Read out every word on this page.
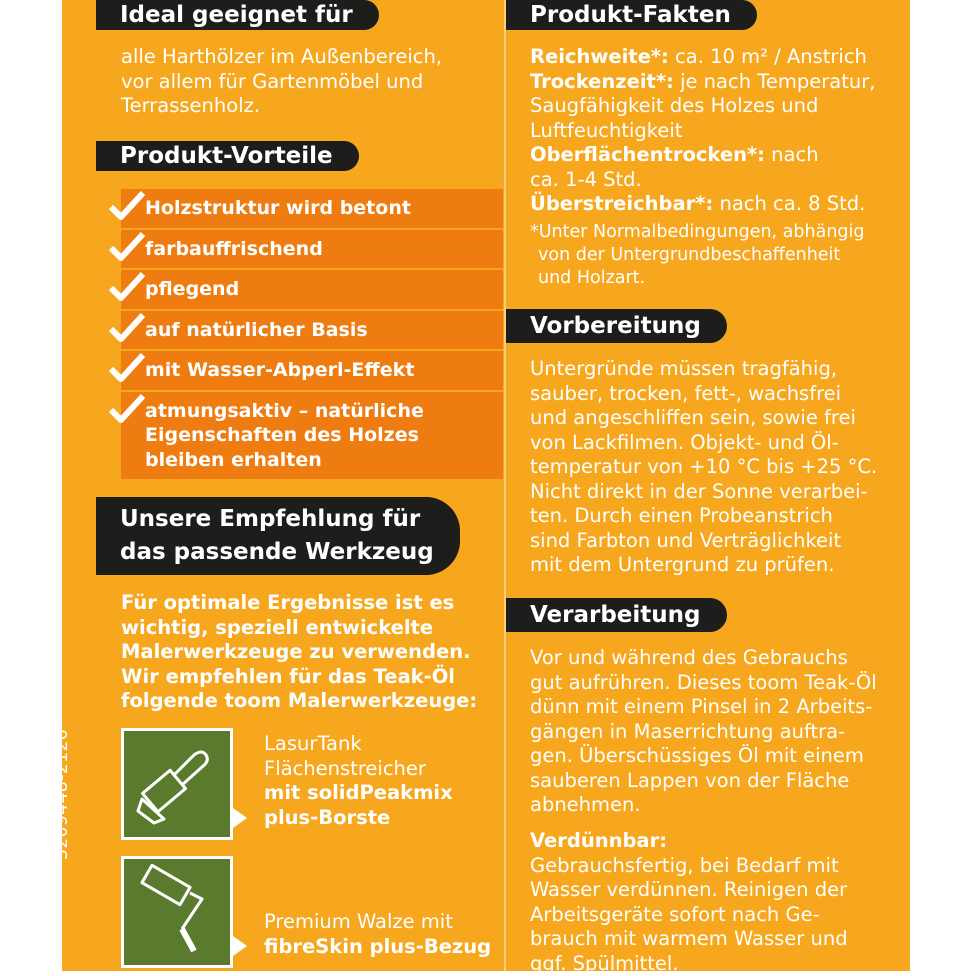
Ideal geeignet für
alle Harthölzer im Außenbereich,
vor allem für Gartenmöbel und
Terrassenholz.
Produkt-Vorteile
Holzstruktur wird betont
farbauffrischend
pflegend
auf natürlicher Basis
mit Wasser-Abperl-Effekt
atmungsaktiv – natürliche
Eigenschaften des Holzes
bleiben erhalten
Unsere Empfehlung für
das passende Werkzeug
Für optimale Ergebnisse ist es
wichtig, speziell entwickelte
Malerwerkzeuge zu verwenden.
Wir empfehlen für das Teak-Öl
folgende toom Malerwerkzeuge:
LasurTank
Flächenstreicher
mit solidPeakmix
plus-Borste
Premium Walze mit
fibreSkin plus-Bezug
3209448-2126
Produkt-Fakten
Reichweite*: ca. 10 m² / Anstrich
Trockenzeit*: je nach Temperatur,
Saugfähigkeit des Holzes und
Luftfeuchtigkeit
Oberflächentrocken*: nach
ca. 1-4 Std.
Überstreichbar*: nach ca. 8 Std.
*Unter Normalbedingungen, abhängig
von der Untergrundbeschaffenheit
und Holzart.
Vorbereitung
Untergründe müssen tragfähig,
sauber, trocken, fett-, wachsfrei
und angeschliffen sein, sowie frei
von Lackfilmen. Objekt- und Öl-
temperatur von +10 °C bis +25 °C.
Nicht direkt in der Sonne verarbei-
ten. Durch einen Probeanstrich
sind Farbton und Verträglichkeit
mit dem Untergrund zu prüfen.
Verarbeitung
Vor und während des Gebrauchs
gut aufrühren. Dieses toom Teak-Öl
dünn mit einem Pinsel in 2 Arbeits-
gängen in Maserrichtung auftra-
gen. Überschüssiges Öl mit einem
sauberen Lappen von der Fläche
abnehmen.
Verdünnbar:
Gebrauchsfertig, bei Bedarf mit
Wasser verdünnen. Reinigen der
Arbeitsgeräte sofort nach Ge-
brauch mit warmem Wasser und
ggf. Spülmittel.
